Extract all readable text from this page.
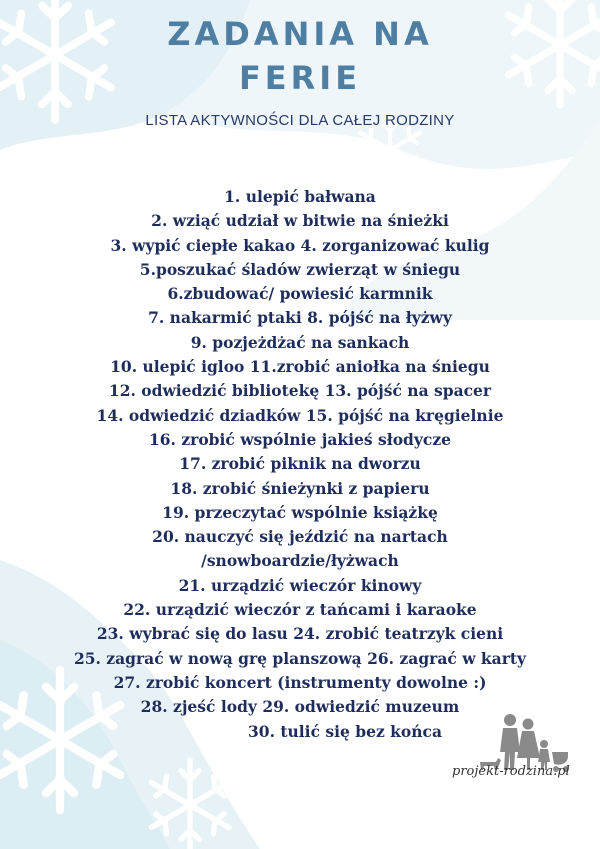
ZADANIA NA
FERIE
LISTA AKTYWNOŚCI DLA CAŁEJ RODZINY
1. ulepić bałwana
2. wziąć udział w bitwie na śnieżki
3. wypić ciepłe kakao 4. zorganizować kulig
5.poszukać śladów zwierząt w śniegu
6.zbudować/ powiesić karmnik
7. nakarmić ptaki 8. pójść na łyżwy
9. pozjeżdżać na sankach
10. ulepić igloo 11.zrobić aniołka na śniegu
12. odwiedzić bibliotekę 13. pójść na spacer
14. odwiedzić dziadków 15. pójść na kręgielnie
16. zrobić wspólnie jakieś słodycze
17. zrobić piknik na dworzu
18. zrobić śnieżynki z papieru
19. przeczytać wspólnie książkę
20. nauczyć się jeździć na nartach
/snowboardzie/łyżwach
21. urządzić wieczór kinowy
22. urządzić wieczór z tańcami i karaoke
23. wybrać się do lasu 24. zrobić teatrzyk cieni
25. zagrać w nową grę planszową 26. zagrać w karty
27. zrobić koncert (instrumenty dowolne :)
28. zjeść lody 29. odwiedzić muzeum
30. tulić się bez końca
projekt-rodzina.pl
